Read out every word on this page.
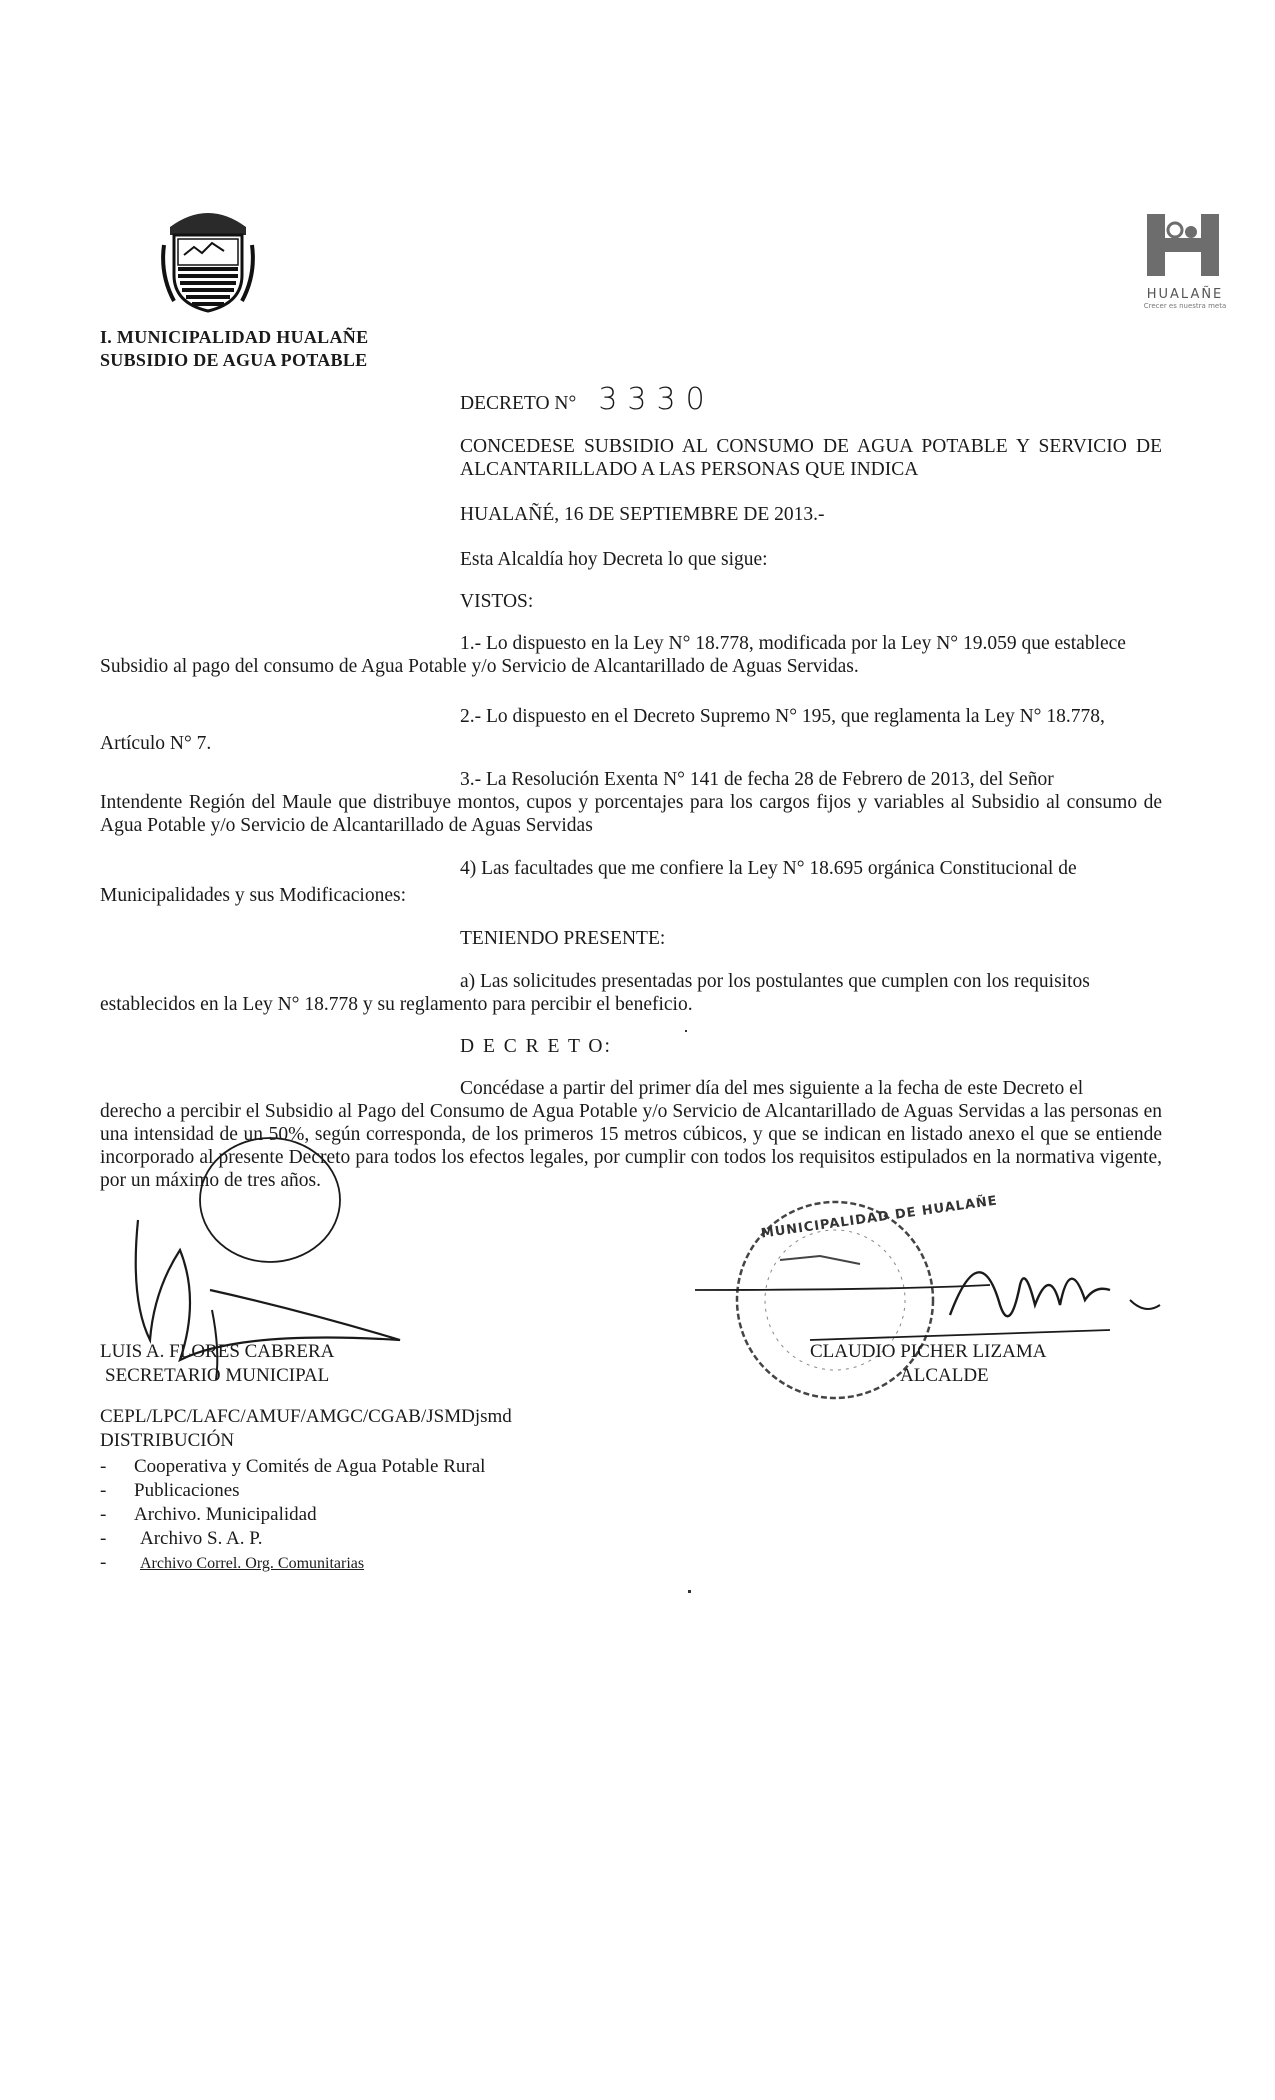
HUALAÑE
Crecer es nuestra meta
I. MUNICIPALIDAD HUALAÑE
SUBSIDIO DE AGUA POTABLE
DECRETO N° 3330
CONCEDESE SUBSIDIO AL CONSUMO DE AGUA POTABLE Y SERVICIO DE ALCANTARILLADO A LAS PERSONAS QUE INDICA
HUALAÑÉ, 16 DE SEPTIEMBRE DE 2013.-
Esta Alcaldía hoy Decreta lo que sigue:
VISTOS:
1.- Lo dispuesto en la Ley N° 18.778, modificada por la Ley N° 19.059 que establece
Subsidio al pago del consumo de Agua Potable y/o Servicio de Alcantarillado de Aguas Servidas.
2.- Lo dispuesto en el Decreto Supremo N° 195, que reglamenta la Ley N° 18.778,
Artículo N° 7.
3.- La Resolución Exenta N° 141 de fecha 28 de Febrero de 2013, del Señor
Intendente Región del Maule que distribuye montos, cupos y porcentajes para los cargos fijos y variables al Subsidio al consumo de Agua Potable y/o Servicio de Alcantarillado de Aguas Servidas
4) Las facultades que me confiere la Ley N° 18.695 orgánica Constitucional de
Municipalidades y sus Modificaciones:
TENIENDO PRESENTE:
a) Las solicitudes presentadas por los postulantes que cumplen con los requisitos
establecidos en la Ley N° 18.778 y su reglamento para percibir el beneficio.
D E C R E T O:
Concédase a partir del primer día del mes siguiente a la fecha de este Decreto el
derecho a percibir el Subsidio al Pago del Consumo de Agua Potable y/o Servicio de Alcantarillado de Aguas Servidas a las personas en una intensidad de un 50%, según corresponda, de los primeros 15 metros cúbicos, y que se indican en listado anexo el que se entiende incorporado al presente Decreto para todos los efectos legales, por cumplir con todos los requisitos estipulados en la normativa vigente, por un máximo de tres años.
MUNICIPALIDAD DE HUALAÑE
LUIS A. FLORES CABRERA
SECRETARIO MUNICIPAL
CLAUDIO PICHER LIZAMA
ALCALDE
CEPL/LPC/LAFC/AMUF/AMGC/CGAB/JSMDjsmd
DISTRIBUCIÓN
- Cooperativa y Comités de Agua Potable Rural
- Publicaciones
- Archivo. Municipalidad
- Archivo S. A. P.
- Archivo Correl. Org. Comunitarias
